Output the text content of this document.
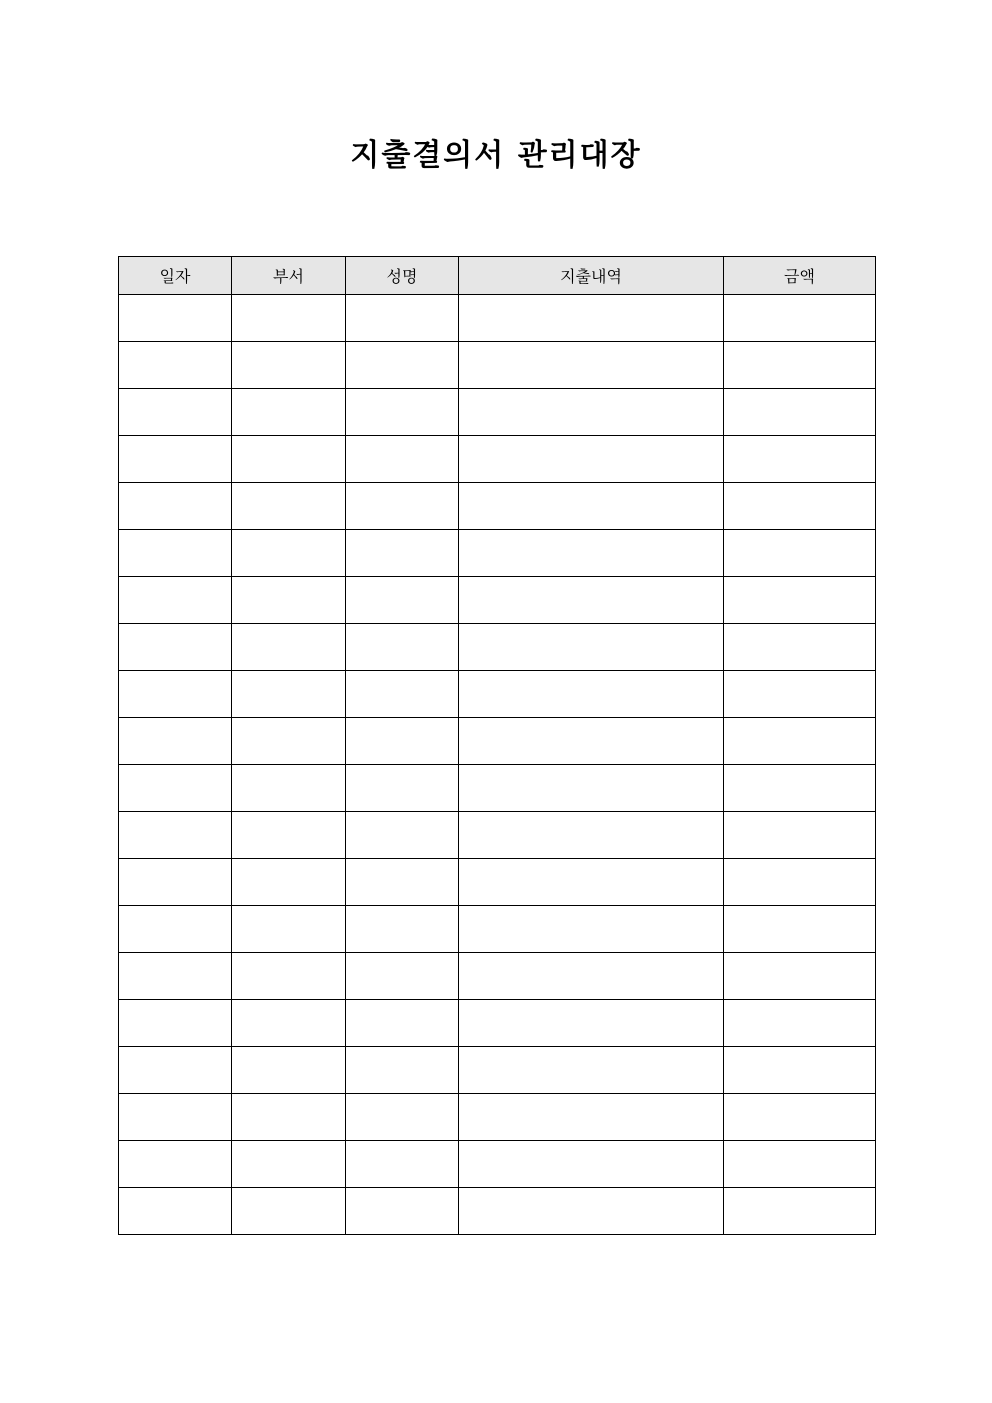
지출결의서 관리대장
일자	부서	성명	지출내역	금액
